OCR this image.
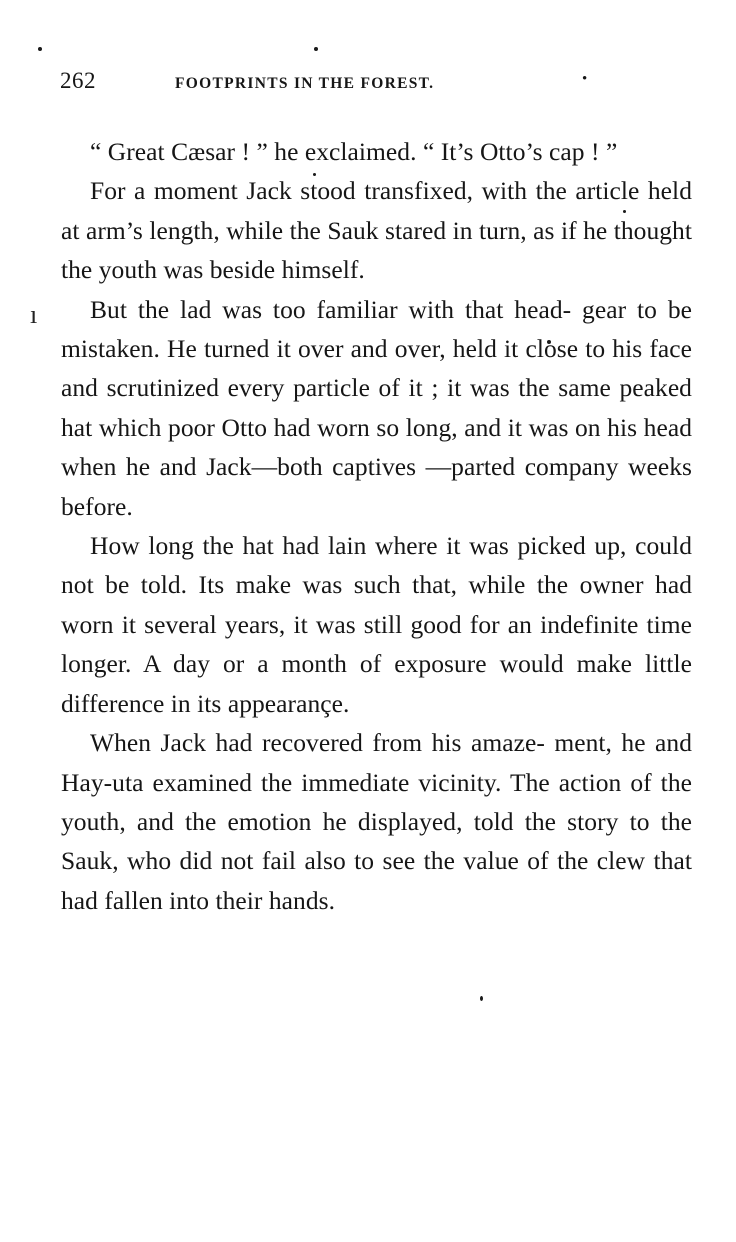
262	FOOTPRINTS IN THE FOREST.	•
ı

“ Great Cæsar ! ” he exclaimed. “ It’s Otto’s cap ! ”

For a moment Jack stood transfixed, with the article held at arm’s length, while the Sauk stared in turn, as if he thought the youth was beside himself.

But the lad was too familiar with that head- gear to be mistaken. He turned it over and over, held it close to his face and scrutinized every particle of it ; it was the same peaked hat which poor Otto had worn so long, and it was on his head when he and Jack—both captives —parted company weeks before.

How long the hat had lain where it was picked up, could not be told. Its make was such that, while the owner had worn it several years, it was still good for an indefinite time longer. A day or a month of exposure would make little difference in its appearançe.

When Jack had recovered from his amaze- ment, he and Hay-uta examined the immediate vicinity. The action of the youth, and the emotion he displayed, told the story to the Sauk, who did not fail also to see the value of the clew that had fallen into their hands.
